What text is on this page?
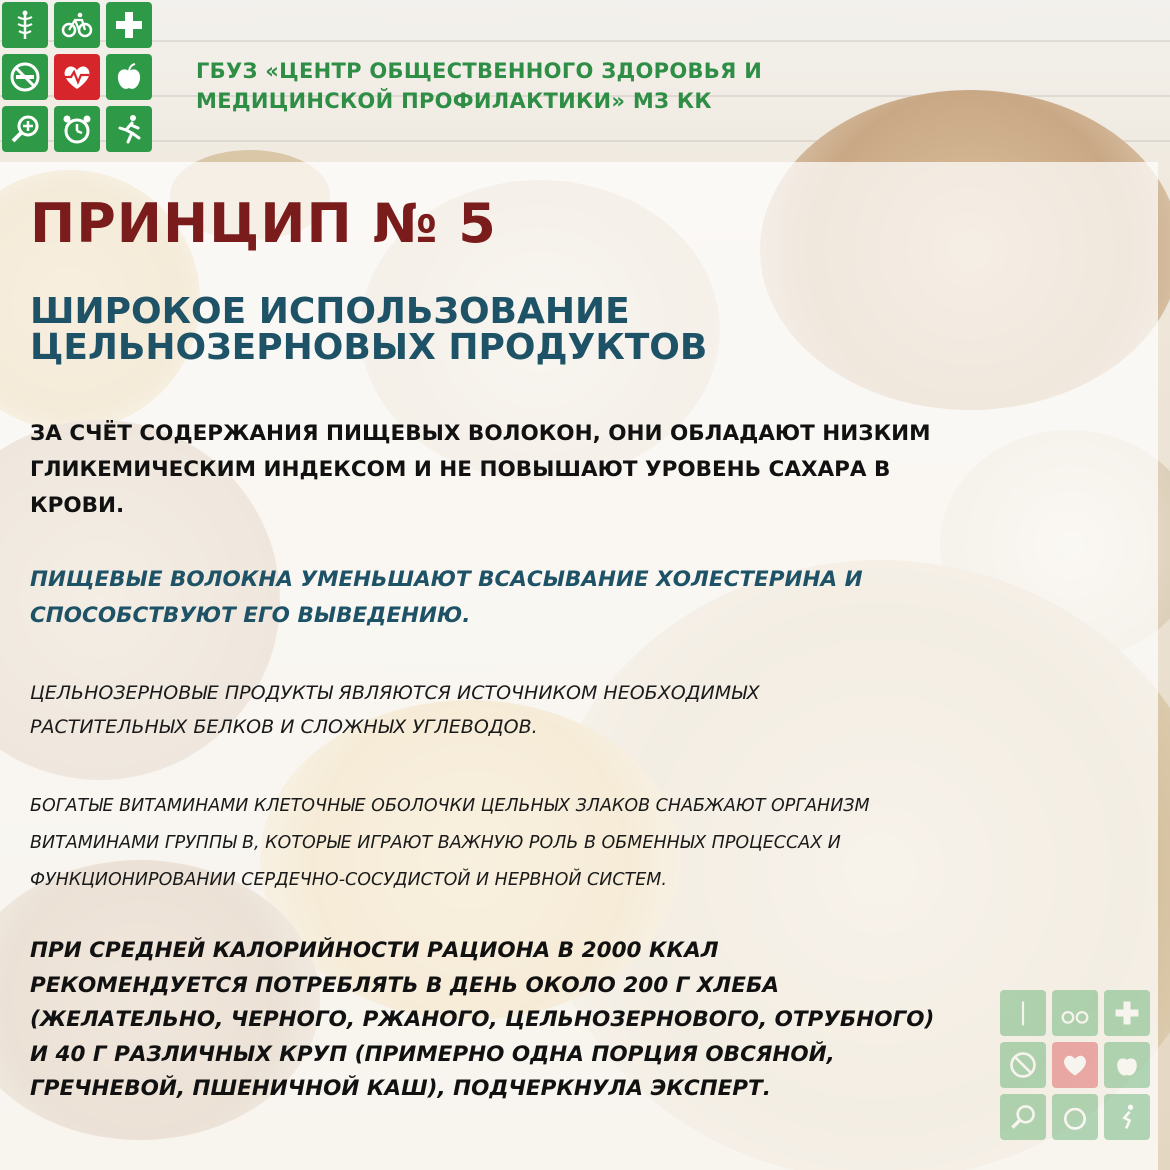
ГБУЗ «ЦЕНТР ОБЩЕСТВЕННОГО ЗДОРОВЬЯ И
МЕДИЦИНСКОЙ ПРОФИЛАКТИКИ» МЗ КК
ПРИНЦИП № 5
ШИРОКОЕ ИСПОЛЬЗОВАНИЕ
ЦЕЛЬНОЗЕРНОВЫХ ПРОДУКТОВ
ЗА СЧЁТ СОДЕРЖАНИЯ ПИЩЕВЫХ ВОЛОКОН, ОНИ ОБЛАДАЮТ НИЗКИМ
ГЛИКЕМИЧЕСКИМ ИНДЕКСОМ И НЕ ПОВЫШАЮТ УРОВЕНЬ САХАРА В
КРОВИ.
ПИЩЕВЫЕ ВОЛОКНА УМЕНЬШАЮТ ВСАСЫВАНИЕ ХОЛЕСТЕРИНА И
СПОСОБСТВУЮТ ЕГО ВЫВЕДЕНИЮ.
ЦЕЛЬНОЗЕРНОВЫЕ ПРОДУКТЫ ЯВЛЯЮТСЯ ИСТОЧНИКОМ НЕОБХОДИМЫХ
РАСТИТЕЛЬНЫХ БЕЛКОВ И СЛОЖНЫХ УГЛЕВОДОВ.
БОГАТЫЕ ВИТАМИНАМИ КЛЕТОЧНЫЕ ОБОЛОЧКИ ЦЕЛЬНЫХ ЗЛАКОВ СНАБЖАЮТ ОРГАНИЗМ
ВИТАМИНАМИ ГРУППЫ В, КОТОРЫЕ ИГРАЮТ ВАЖНУЮ РОЛЬ В ОБМЕННЫХ ПРОЦЕССАХ И
ФУНКЦИОНИРОВАНИИ СЕРДЕЧНО-СОСУДИСТОЙ И НЕРВНОЙ СИСТЕМ.
ПРИ СРЕДНЕЙ КАЛОРИЙНОСТИ РАЦИОНА В 2000 ККАЛ
РЕКОМЕНДУЕТСЯ ПОТРЕБЛЯТЬ В ДЕНЬ ОКОЛО 200 Г ХЛЕБА
(ЖЕЛАТЕЛЬНО, ЧЕРНОГО, РЖАНОГО, ЦЕЛЬНОЗЕРНОВОГО, ОТРУБНОГО)
И 40 Г РАЗЛИЧНЫХ КРУП (ПРИМЕРНО ОДНА ПОРЦИЯ ОВСЯНОЙ,
ГРЕЧНЕВОЙ, ПШЕНИЧНОЙ КАШ), ПОДЧЕРКНУЛА ЭКСПЕРТ.
